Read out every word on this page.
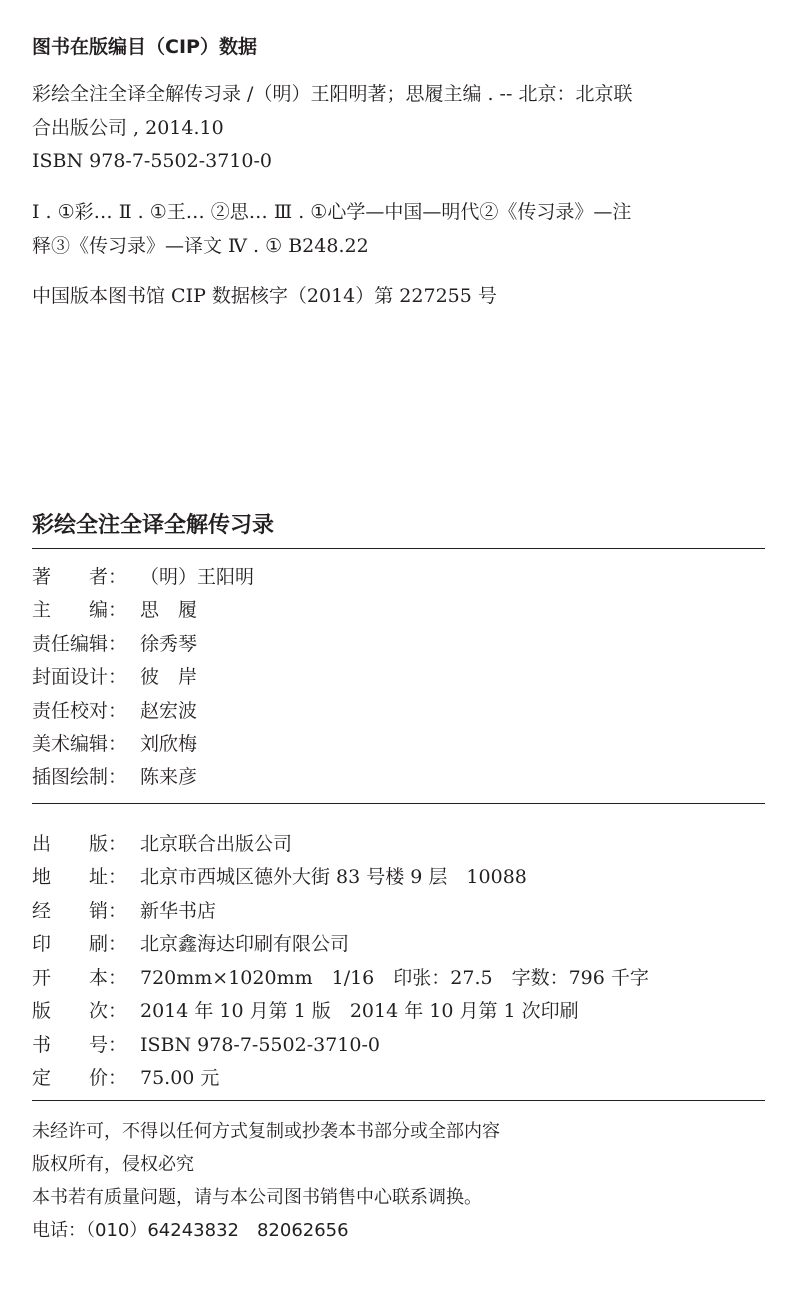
图书在版编目（CIP）数据
彩绘全注全译全解传习录 /（明）王阳明著；思履主编 . -- 北京：北京联
合出版公司 , 2014.10
ISBN 978-7-5502-3710-0
Ⅰ . ①彩… Ⅱ . ①王… ②思… Ⅲ . ①心学—中国—明代②《传习录》—注
释③《传习录》—译文 Ⅳ . ① B248.22
中国版本图书馆 CIP 数据核字（2014）第 227255 号
彩绘全注全译全解传习录
著　　者： （明）王阳明
主　　编： 思　履
责任编辑： 徐秀琴
封面设计： 彼　岸
责任校对： 赵宏波
美术编辑： 刘欣梅
插图绘制： 陈来彦
出　　版： 北京联合出版公司
地　　址： 北京市西城区德外大街 83 号楼 9 层　10088
经　　销： 新华书店
印　　刷： 北京鑫海达印刷有限公司
开　　本： 720mm×1020mm　1/16　印张：27.5　字数：796 千字
版　　次： 2014 年 10 月第 1 版　2014 年 10 月第 1 次印刷
书　　号： ISBN 978-7-5502-3710-0
定　　价： 75.00 元
未经许可，不得以任何方式复制或抄袭本书部分或全部内容
版权所有，侵权必究
本书若有质量问题，请与本公司图书销售中心联系调换。
电话：（010）64243832　82062656
